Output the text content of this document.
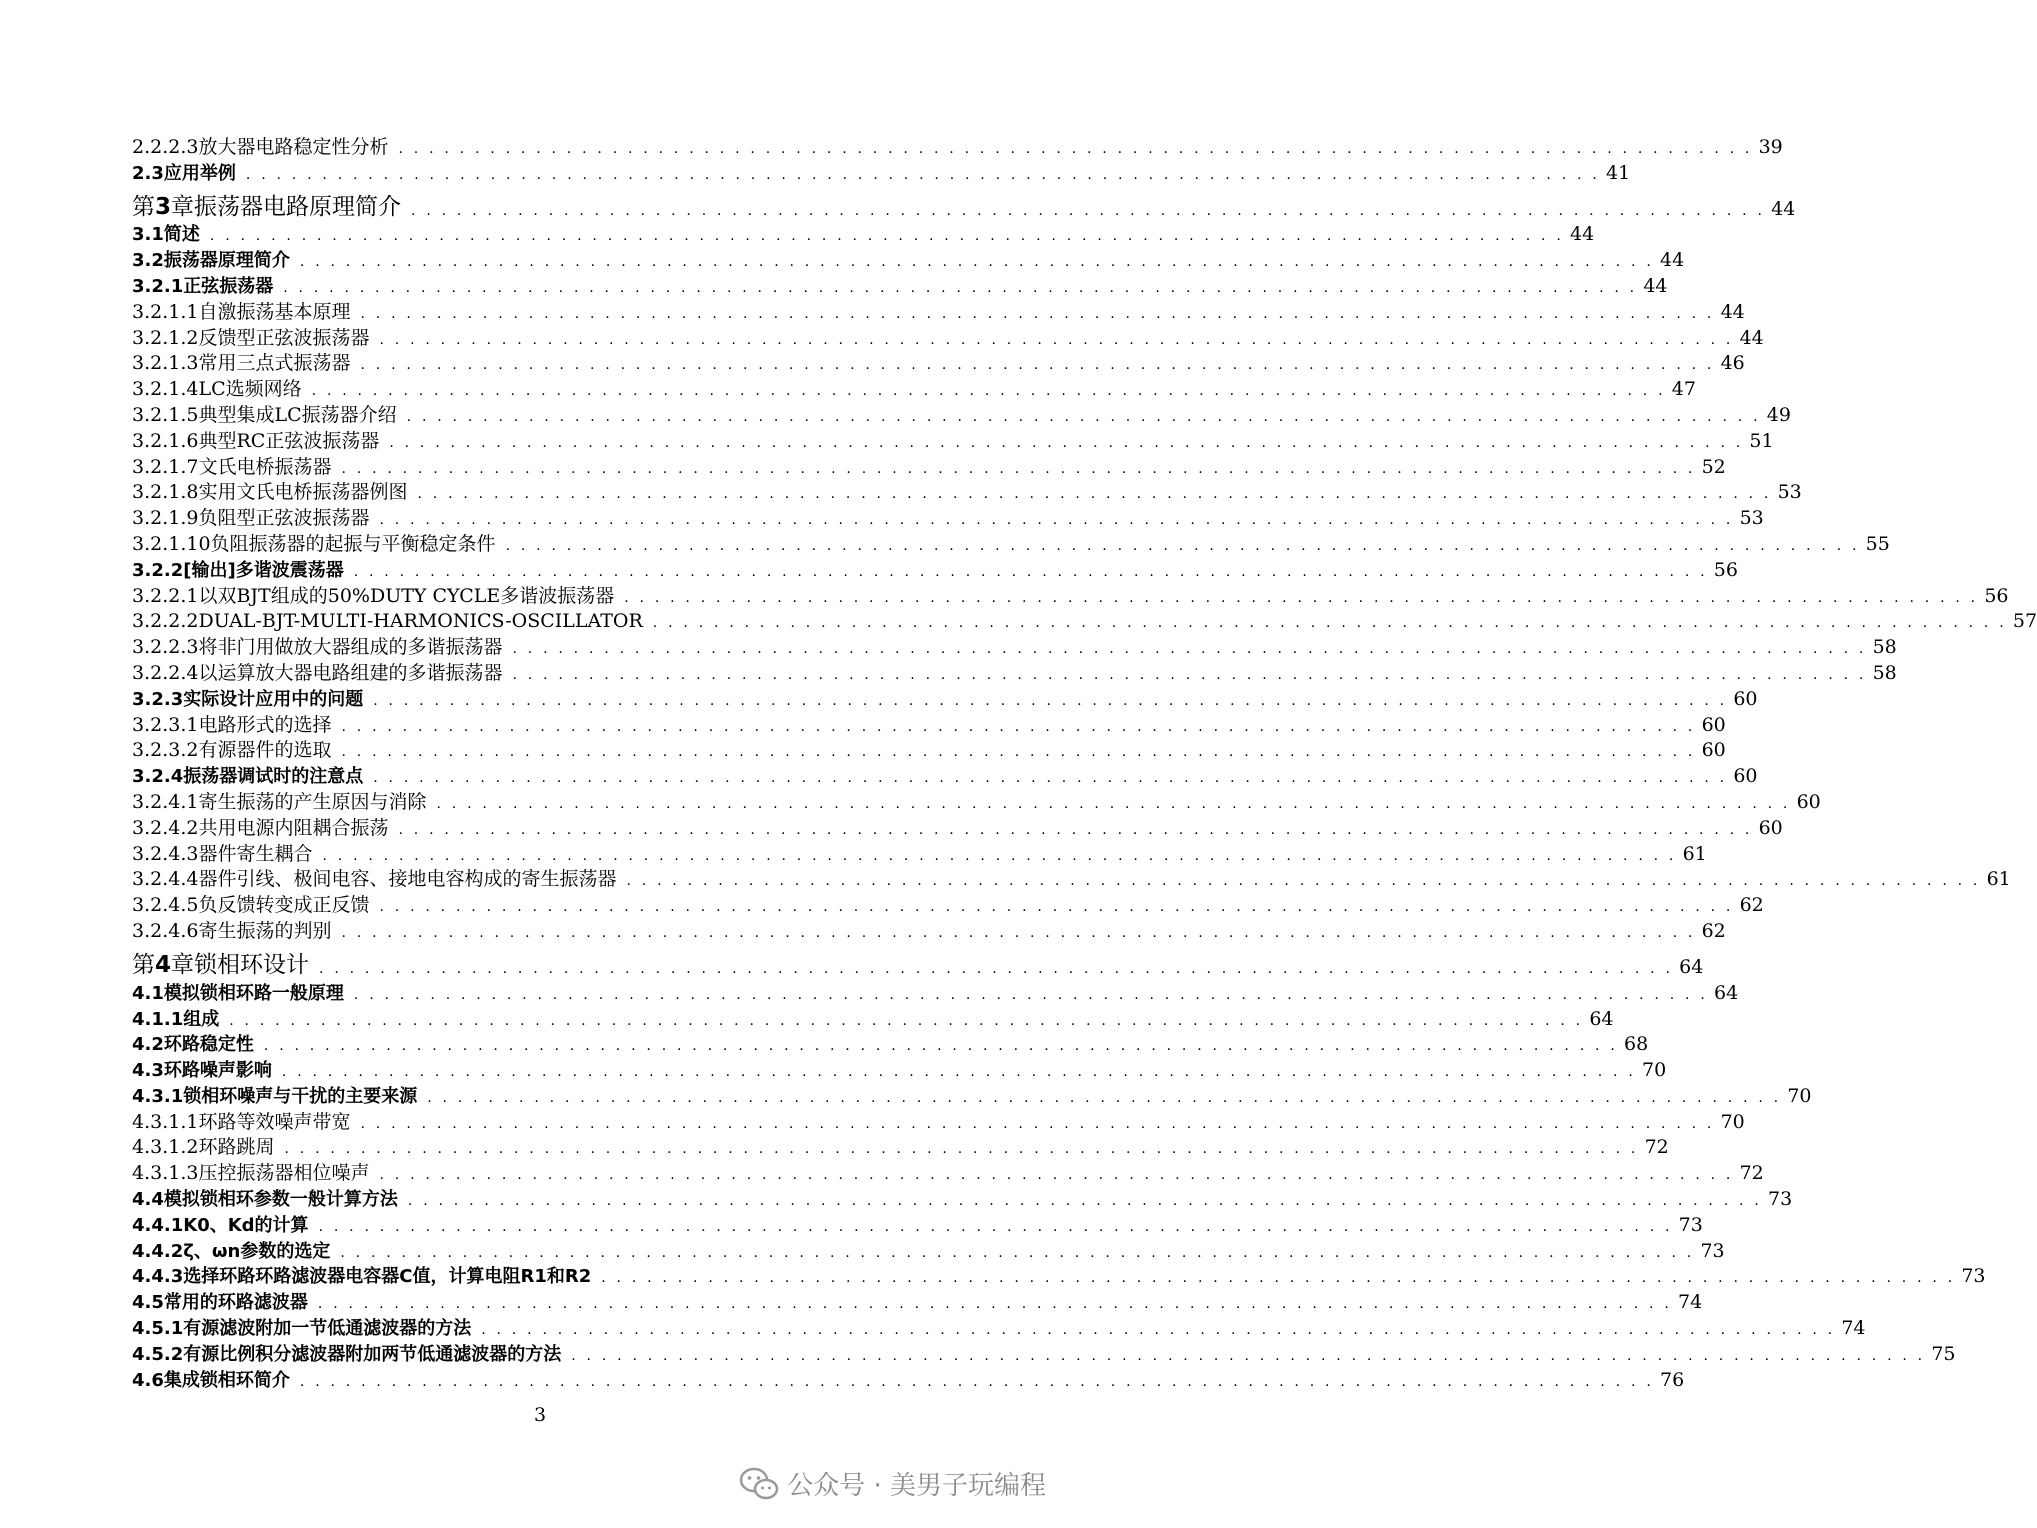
2.2.2.3放大器电路稳定性分析 . . . . . . . . . . . . . . . . . . . . . . . . . . . . . . . . . . . . . . . . . . . . . . . . . . . . . . . . . . . . . . . . . . . . . . . . . . . . . . . . . . . . . . . . . 39
2.3应用举例 . . . . . . . . . . . . . . . . . . . . . . . . . . . . . . . . . . . . . . . . . . . . . . . . . . . . . . . . . . . . . . . . . . . . . . . . . . . . . . . . . . . . . . . . . 41
第3章振荡器电路原理简介 . . . . . . . . . . . . . . . . . . . . . . . . . . . . . . . . . . . . . . . . . . . . . . . . . . . . . . . . . . . . . . . . . . . . . . . . . . . . . . . . . . . . . . . . . 44
3.1简述 . . . . . . . . . . . . . . . . . . . . . . . . . . . . . . . . . . . . . . . . . . . . . . . . . . . . . . . . . . . . . . . . . . . . . . . . . . . . . . . . . . . . . . . . . 44
3.2振荡器原理简介 . . . . . . . . . . . . . . . . . . . . . . . . . . . . . . . . . . . . . . . . . . . . . . . . . . . . . . . . . . . . . . . . . . . . . . . . . . . . . . . . . . . . . . . . . 44
3.2.1正弦振荡器 . . . . . . . . . . . . . . . . . . . . . . . . . . . . . . . . . . . . . . . . . . . . . . . . . . . . . . . . . . . . . . . . . . . . . . . . . . . . . . . . . . . . . . . . . 44
3.2.1.1自激振荡基本原理 . . . . . . . . . . . . . . . . . . . . . . . . . . . . . . . . . . . . . . . . . . . . . . . . . . . . . . . . . . . . . . . . . . . . . . . . . . . . . . . . . . . . . . . . . 44
3.2.1.2反馈型正弦波振荡器 . . . . . . . . . . . . . . . . . . . . . . . . . . . . . . . . . . . . . . . . . . . . . . . . . . . . . . . . . . . . . . . . . . . . . . . . . . . . . . . . . . . . . . . . . 44
3.2.1.3常用三点式振荡器 . . . . . . . . . . . . . . . . . . . . . . . . . . . . . . . . . . . . . . . . . . . . . . . . . . . . . . . . . . . . . . . . . . . . . . . . . . . . . . . . . . . . . . . . . 46
3.2.1.4LC选频网络 . . . . . . . . . . . . . . . . . . . . . . . . . . . . . . . . . . . . . . . . . . . . . . . . . . . . . . . . . . . . . . . . . . . . . . . . . . . . . . . . . . . . . . . . . 47
3.2.1.5典型集成LC振荡器介绍 . . . . . . . . . . . . . . . . . . . . . . . . . . . . . . . . . . . . . . . . . . . . . . . . . . . . . . . . . . . . . . . . . . . . . . . . . . . . . . . . . . . . . . . . . 49
3.2.1.6典型RC正弦波振荡器 . . . . . . . . . . . . . . . . . . . . . . . . . . . . . . . . . . . . . . . . . . . . . . . . . . . . . . . . . . . . . . . . . . . . . . . . . . . . . . . . . . . . . . . . . 51
3.2.1.7文氏电桥振荡器 . . . . . . . . . . . . . . . . . . . . . . . . . . . . . . . . . . . . . . . . . . . . . . . . . . . . . . . . . . . . . . . . . . . . . . . . . . . . . . . . . . . . . . . . . 52
3.2.1.8实用文氏电桥振荡器例图 . . . . . . . . . . . . . . . . . . . . . . . . . . . . . . . . . . . . . . . . . . . . . . . . . . . . . . . . . . . . . . . . . . . . . . . . . . . . . . . . . . . . . . . . . 53
3.2.1.9负阻型正弦波振荡器 . . . . . . . . . . . . . . . . . . . . . . . . . . . . . . . . . . . . . . . . . . . . . . . . . . . . . . . . . . . . . . . . . . . . . . . . . . . . . . . . . . . . . . . . . 53
3.2.1.10负阻振荡器的起振与平衡稳定条件 . . . . . . . . . . . . . . . . . . . . . . . . . . . . . . . . . . . . . . . . . . . . . . . . . . . . . . . . . . . . . . . . . . . . . . . . . . . . . . . . . . . . . . . . . 55
3.2.2[输出]多谐波震荡器 . . . . . . . . . . . . . . . . . . . . . . . . . . . . . . . . . . . . . . . . . . . . . . . . . . . . . . . . . . . . . . . . . . . . . . . . . . . . . . . . . . . . . . . . . 56
3.2.2.1以双BJT组成的50%DUTY CYCLE多谐波振荡器 . . . . . . . . . . . . . . . . . . . . . . . . . . . . . . . . . . . . . . . . . . . . . . . . . . . . . . . . . . . . . . . . . . . . . . . . . . . . . . . . . . . . . . . . . 56
3.2.2.2DUAL-BJT-MULTI-HARMONICS-OSCILLATOR . . . . . . . . . . . . . . . . . . . . . . . . . . . . . . . . . . . . . . . . . . . . . . . . . . . . . . . . . . . . . . . . . . . . . . . . . . . . . . . . . . . . . . . . . 57
3.2.2.3将非门用做放大器组成的多谐振荡器 . . . . . . . . . . . . . . . . . . . . . . . . . . . . . . . . . . . . . . . . . . . . . . . . . . . . . . . . . . . . . . . . . . . . . . . . . . . . . . . . . . . . . . . . . 58
3.2.2.4以运算放大器电路组建的多谐振荡器 . . . . . . . . . . . . . . . . . . . . . . . . . . . . . . . . . . . . . . . . . . . . . . . . . . . . . . . . . . . . . . . . . . . . . . . . . . . . . . . . . . . . . . . . . 58
3.2.3实际设计应用中的问题 . . . . . . . . . . . . . . . . . . . . . . . . . . . . . . . . . . . . . . . . . . . . . . . . . . . . . . . . . . . . . . . . . . . . . . . . . . . . . . . . . . . . . . . . . 60
3.2.3.1电路形式的选择 . . . . . . . . . . . . . . . . . . . . . . . . . . . . . . . . . . . . . . . . . . . . . . . . . . . . . . . . . . . . . . . . . . . . . . . . . . . . . . . . . . . . . . . . . 60
3.2.3.2有源器件的选取 . . . . . . . . . . . . . . . . . . . . . . . . . . . . . . . . . . . . . . . . . . . . . . . . . . . . . . . . . . . . . . . . . . . . . . . . . . . . . . . . . . . . . . . . . 60
3.2.4振荡器调试时的注意点 . . . . . . . . . . . . . . . . . . . . . . . . . . . . . . . . . . . . . . . . . . . . . . . . . . . . . . . . . . . . . . . . . . . . . . . . . . . . . . . . . . . . . . . . . 60
3.2.4.1寄生振荡的产生原因与消除 . . . . . . . . . . . . . . . . . . . . . . . . . . . . . . . . . . . . . . . . . . . . . . . . . . . . . . . . . . . . . . . . . . . . . . . . . . . . . . . . . . . . . . . . . 60
3.2.4.2共用电源内阻耦合振荡 . . . . . . . . . . . . . . . . . . . . . . . . . . . . . . . . . . . . . . . . . . . . . . . . . . . . . . . . . . . . . . . . . . . . . . . . . . . . . . . . . . . . . . . . . 60
3.2.4.3器件寄生耦合 . . . . . . . . . . . . . . . . . . . . . . . . . . . . . . . . . . . . . . . . . . . . . . . . . . . . . . . . . . . . . . . . . . . . . . . . . . . . . . . . . . . . . . . . . 61
3.2.4.4器件引线、极间电容、接地电容构成的寄生振荡器 . . . . . . . . . . . . . . . . . . . . . . . . . . . . . . . . . . . . . . . . . . . . . . . . . . . . . . . . . . . . . . . . . . . . . . . . . . . . . . . . . . . . . . . . . 61
3.2.4.5负反馈转变成正反馈 . . . . . . . . . . . . . . . . . . . . . . . . . . . . . . . . . . . . . . . . . . . . . . . . . . . . . . . . . . . . . . . . . . . . . . . . . . . . . . . . . . . . . . . . . 62
3.2.4.6寄生振荡的判别 . . . . . . . . . . . . . . . . . . . . . . . . . . . . . . . . . . . . . . . . . . . . . . . . . . . . . . . . . . . . . . . . . . . . . . . . . . . . . . . . . . . . . . . . . 62
第4章锁相环设计 . . . . . . . . . . . . . . . . . . . . . . . . . . . . . . . . . . . . . . . . . . . . . . . . . . . . . . . . . . . . . . . . . . . . . . . . . . . . . . . . . . . . . . . . . 64
4.1模拟锁相环路一般原理 . . . . . . . . . . . . . . . . . . . . . . . . . . . . . . . . . . . . . . . . . . . . . . . . . . . . . . . . . . . . . . . . . . . . . . . . . . . . . . . . . . . . . . . . . 64
4.1.1组成 . . . . . . . . . . . . . . . . . . . . . . . . . . . . . . . . . . . . . . . . . . . . . . . . . . . . . . . . . . . . . . . . . . . . . . . . . . . . . . . . . . . . . . . . . 64
4.2环路稳定性 . . . . . . . . . . . . . . . . . . . . . . . . . . . . . . . . . . . . . . . . . . . . . . . . . . . . . . . . . . . . . . . . . . . . . . . . . . . . . . . . . . . . . . . . . 68
4.3环路噪声影响 . . . . . . . . . . . . . . . . . . . . . . . . . . . . . . . . . . . . . . . . . . . . . . . . . . . . . . . . . . . . . . . . . . . . . . . . . . . . . . . . . . . . . . . . . 70
4.3.1锁相环噪声与干扰的主要来源 . . . . . . . . . . . . . . . . . . . . . . . . . . . . . . . . . . . . . . . . . . . . . . . . . . . . . . . . . . . . . . . . . . . . . . . . . . . . . . . . . . . . . . . . . 70
4.3.1.1环路等效噪声带宽 . . . . . . . . . . . . . . . . . . . . . . . . . . . . . . . . . . . . . . . . . . . . . . . . . . . . . . . . . . . . . . . . . . . . . . . . . . . . . . . . . . . . . . . . . 70
4.3.1.2环路跳周 . . . . . . . . . . . . . . . . . . . . . . . . . . . . . . . . . . . . . . . . . . . . . . . . . . . . . . . . . . . . . . . . . . . . . . . . . . . . . . . . . . . . . . . . . 72
4.3.1.3压控振荡器相位噪声 . . . . . . . . . . . . . . . . . . . . . . . . . . . . . . . . . . . . . . . . . . . . . . . . . . . . . . . . . . . . . . . . . . . . . . . . . . . . . . . . . . . . . . . . . 72
4.4模拟锁相环参数一般计算方法 . . . . . . . . . . . . . . . . . . . . . . . . . . . . . . . . . . . . . . . . . . . . . . . . . . . . . . . . . . . . . . . . . . . . . . . . . . . . . . . . . . . . . . . . . 73
4.4.1K0、Kd的计算 . . . . . . . . . . . . . . . . . . . . . . . . . . . . . . . . . . . . . . . . . . . . . . . . . . . . . . . . . . . . . . . . . . . . . . . . . . . . . . . . . . . . . . . . . 73
4.4.2ζ、ωn参数的选定 . . . . . . . . . . . . . . . . . . . . . . . . . . . . . . . . . . . . . . . . . . . . . . . . . . . . . . . . . . . . . . . . . . . . . . . . . . . . . . . . . . . . . . . . . 73
4.4.3选择环路环路滤波器电容器C值，计算电阻R1和R2 . . . . . . . . . . . . . . . . . . . . . . . . . . . . . . . . . . . . . . . . . . . . . . . . . . . . . . . . . . . . . . . . . . . . . . . . . . . . . . . . . . . . . . . . . 73
4.5常用的环路滤波器 . . . . . . . . . . . . . . . . . . . . . . . . . . . . . . . . . . . . . . . . . . . . . . . . . . . . . . . . . . . . . . . . . . . . . . . . . . . . . . . . . . . . . . . . . 74
4.5.1有源滤波附加一节低通滤波器的方法 . . . . . . . . . . . . . . . . . . . . . . . . . . . . . . . . . . . . . . . . . . . . . . . . . . . . . . . . . . . . . . . . . . . . . . . . . . . . . . . . . . . . . . . . . 74
4.5.2有源比例积分滤波器附加两节低通滤波器的方法 . . . . . . . . . . . . . . . . . . . . . . . . . . . . . . . . . . . . . . . . . . . . . . . . . . . . . . . . . . . . . . . . . . . . . . . . . . . . . . . . . . . . . . . . . 75
4.6集成锁相环简介 . . . . . . . . . . . . . . . . . . . . . . . . . . . . . . . . . . . . . . . . . . . . . . . . . . . . . . . . . . . . . . . . . . . . . . . . . . . . . . . . . . . . . . . . . 76
3
公众号 · 美男子玩编程
